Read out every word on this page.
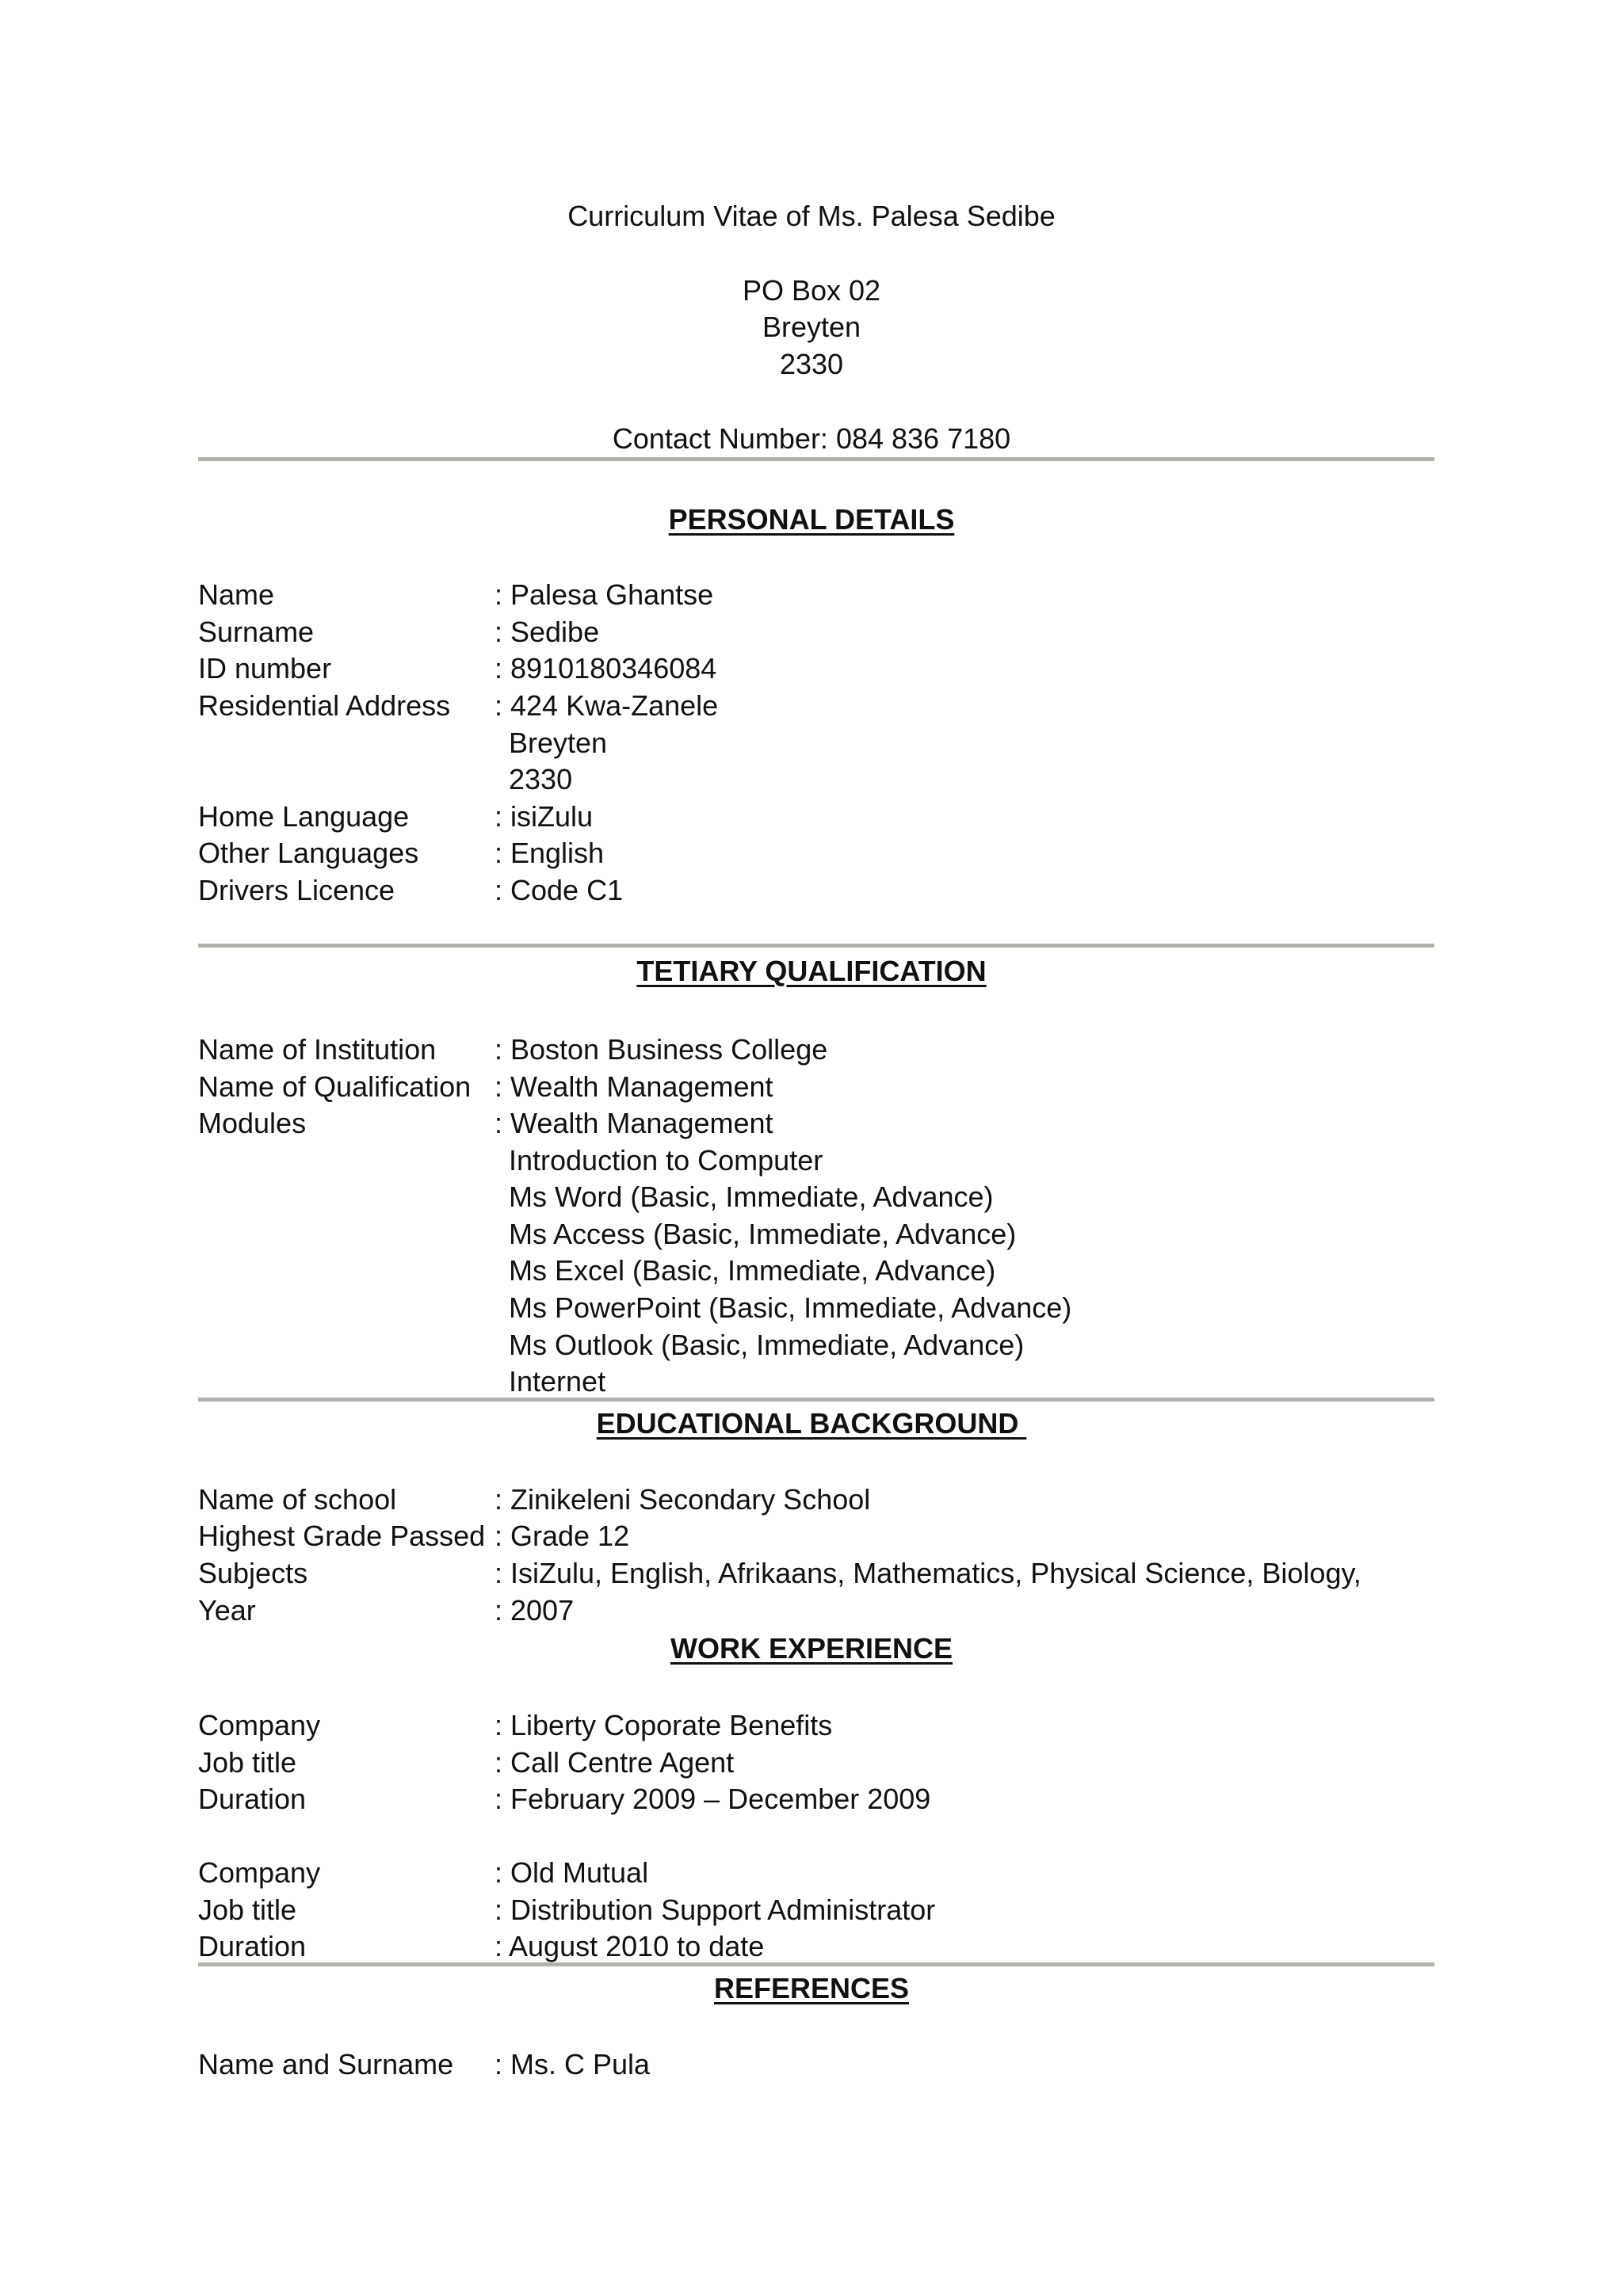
Curriculum Vitae of Ms. Palesa Sedibe
PO Box 02
Breyten
2330
Contact Number: 084 836 7180
PERSONAL DETAILS
Name	: Palesa Ghantse
Surname	: Sedibe
ID number	: 8910180346084
Residential Address : 424 Kwa-Zanele
Breyten
2330
Home Language	: isiZulu
Other Languages	: English
Drivers Licence	: Code C1
TETIARY QUALIFICATION
Name of Institution : Boston Business College
Name of Qualification : Wealth Management
Modules	: Wealth Management
Introduction to Computer
Ms Word (Basic, Immediate, Advance)
Ms Access (Basic, Immediate, Advance)
Ms Excel (Basic, Immediate, Advance)
Ms PowerPoint (Basic, Immediate, Advance)
Ms Outlook (Basic, Immediate, Advance)
Internet
EDUCATIONAL BACKGROUND
Name of school	: Zinikeleni Secondary School
Highest Grade Passed : Grade 12
Subjects	: IsiZulu, English, Afrikaans, Mathematics, Physical Science, Biology,
Year	: 2007
WORK EXPERIENCE
Company	: Liberty Coporate Benefits
Job title	: Call Centre Agent
Duration	: February 2009 – December 2009
Company	: Old Mutual
Job title	: Distribution Support Administrator
Duration	: August 2010 to date
REFERENCES
Name and Surname : Ms. C Pula
